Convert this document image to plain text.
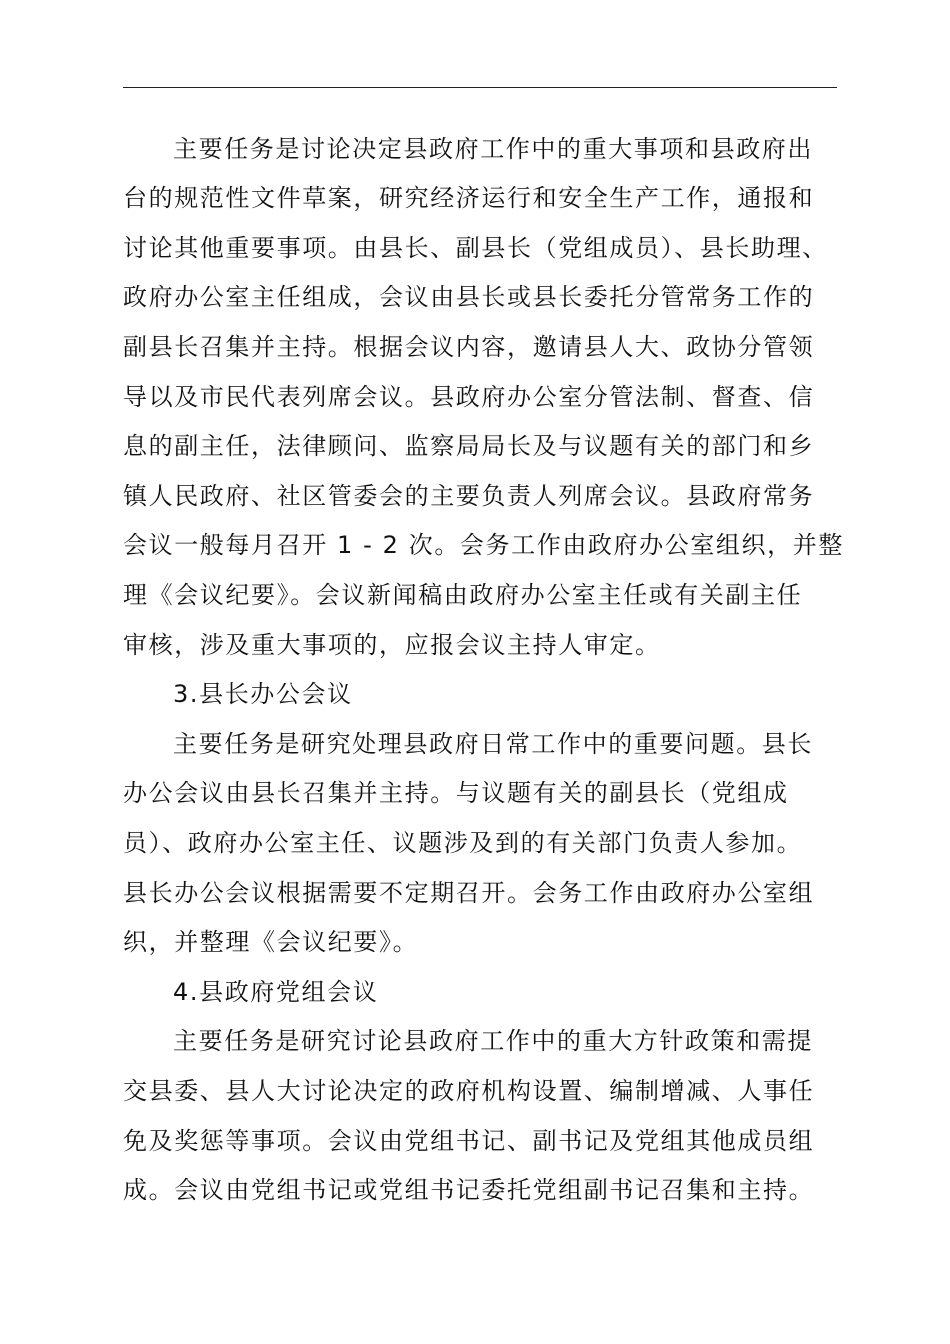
主要任务是讨论决定县政府工作中的重大事项和县政府出

台的规范性文件草案，研究经济运行和安全生产工作，通报和

讨论其他重要事项。由县长、副县长（党组成员）、县长助理、

政府办公室主任组成，会议由县长或县长委托分管常务工作的

副县长召集并主持。根据会议内容，邀请县人大、政协分管领

导以及市民代表列席会议。县政府办公室分管法制、督查、信

息的副主任，法律顾问、监察局局长及与议题有关的部门和乡

镇人民政府、社区管委会的主要负责人列席会议。县政府常务

会议一般每月召开 1 - 2 次。会务工作由政府办公室组织，并整

理《会议纪要》。会议新闻稿由政府办公室主任或有关副主任

审核，涉及重大事项的，应报会议主持人审定。

3.县长办公会议

主要任务是研究处理县政府日常工作中的重要问题。县长

办公会议由县长召集并主持。与议题有关的副县长（党组成

员）、政府办公室主任、议题涉及到的有关部门负责人参加。

县长办公会议根据需要不定期召开。会务工作由政府办公室组

织，并整理《会议纪要》。

4.县政府党组会议

主要任务是研究讨论县政府工作中的重大方针政策和需提

交县委、县人大讨论决定的政府机构设置、编制增减、人事任

免及奖惩等事项。会议由党组书记、副书记及党组其他成员组

成。会议由党组书记或党组书记委托党组副书记召集和主持。
